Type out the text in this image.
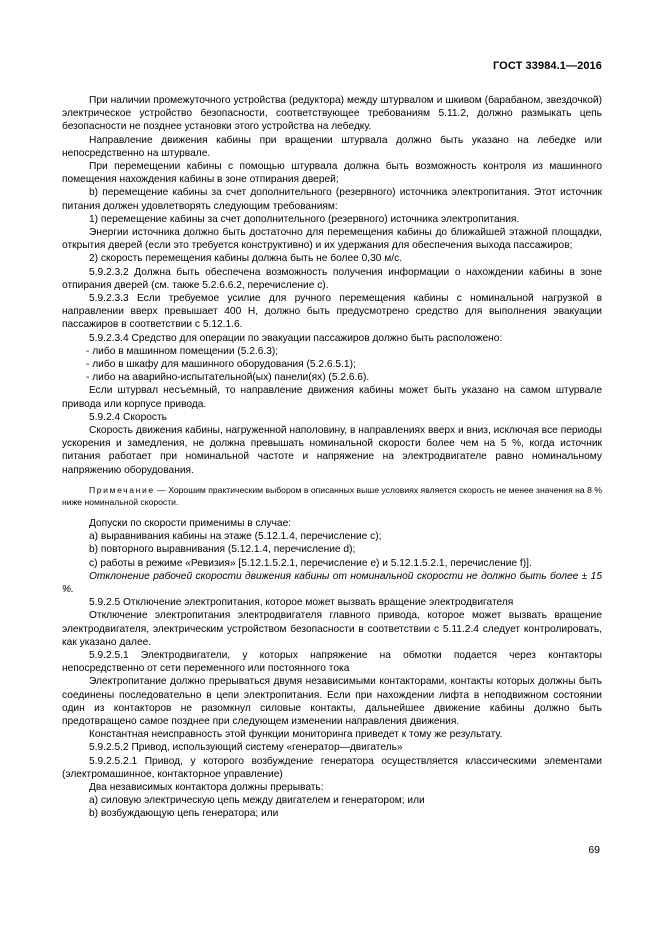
ГОСТ 33984.1—2016

При наличии промежуточного устройства (редуктора) между штурвалом и шкивом (барабаном, звездочкой) электрическое устройство безопасности, соответствующее требованиям 5.11.2, должно размыкать цепь безопасности не позднее установки этого устройства на лебедку.

Направление движения кабины при вращении штурвала должно быть указано на лебедке или непосредственно на штурвале.

При перемещении кабины с помощью штурвала должна быть возможность контроля из машинного помещения нахождения кабины в зоне отпирания дверей;

b) перемещение кабины за счет дополнительного (резервного) источника электропитания. Этот источник питания должен удовлетворять следующим требованиям:

1) перемещение кабины за счет дополнительного (резервного) источника электропитания.

Энергии источника должно быть достаточно для перемещения кабины до ближайшей этажной площадки, открытия дверей (если это требуется конструктивно) и их удержания для обеспечения выхода пассажиров;

2) скорость перемещения кабины должна быть не более 0,30 м/с.

5.9.2.3.2 Должна быть обеспечена возможность получения информации о нахождении кабины в зоне отпирания дверей (см. также 5.2.6.6.2, перечисление с).

5.9.2.3.3 Если требуемое усилие для ручного перемещения кабины с номинальной нагрузкой в направлении вверх превышает 400 Н, должно быть предусмотрено средство для выполнения эвакуации пассажиров в соответствии с 5.12.1.6.

5.9.2.3.4 Средство для операции по эвакуации пассажиров должно быть расположено:

- либо в машинном помещении (5.2.6.3);

- либо в шкафу для машинного оборудования (5.2.6.5.1);

- либо на аварийно-испытательной(ых) панели(ях) (5.2.6.6).

Если штурвал несъемный, то направление движения кабины может быть указано на самом штурвале привода или корпусе привода.

5.9.2.4 Скорость

Скорость движения кабины, нагруженной наполовину, в направлениях вверх и вниз, исключая все периоды ускорения и замедления, не должна превышать номинальной скорости более чем на 5 %, когда источник питания работает при номинальной частоте и напряжение на электродвигателе равно номинальному напряжению оборудования.

Примечание — Хорошим практическим выбором в описанных выше условиях является скорость не менее значения на 8 % ниже номинальной скорости.

Допуски по скорости применимы в случае:

а) выравнивания кабины на этаже (5.12.1.4, перечисление с);

b) повторного выравнивания (5.12.1.4, перечисление d);

с) работы в режиме «Ревизия» [5.12.1.5.2.1, перечисление е) и 5.12.1.5.2.1, перечисление f)].

Отклонение рабочей скорости движения кабины от номинальной скорости не должно быть более ± 15 %.

5.9.2.5 Отключение электропитания, которое может вызвать вращение электродвигателя

Отключение электропитания электродвигателя главного привода, которое может вызвать вращение электродвигателя, электрическим устройством безопасности в соответствии с 5.11.2.4 следует контролировать, как указано далее.

5.9.2.5.1 Электродвигатели, у которых напряжение на обмотки подается через контакторы непосредственно от сети переменного или постоянного тока

Электропитание должно прерываться двумя независимыми контакторами, контакты которых должны быть соединены последовательно в цепи электропитания. Если при нахождении лифта в неподвижном состоянии один из контакторов не разомкнул силовые контакты, дальнейшее движение кабины должно быть предотвращено самое позднее при следующем изменении направления движения.

Константная неисправность этой функции мониторинга приведет к тому же результату.

5.9.2.5.2 Привод, использующий систему «генератор—двигатель»

5.9.2.5.2.1 Привод, у которого возбуждение генератора осуществляется классическими элементами (электромашинное, контакторное управление)

Два независимых контактора должны прерывать:

а) силовую электрическую цепь между двигателем и генератором; или

b) возбуждающую цепь генератора; или

69
